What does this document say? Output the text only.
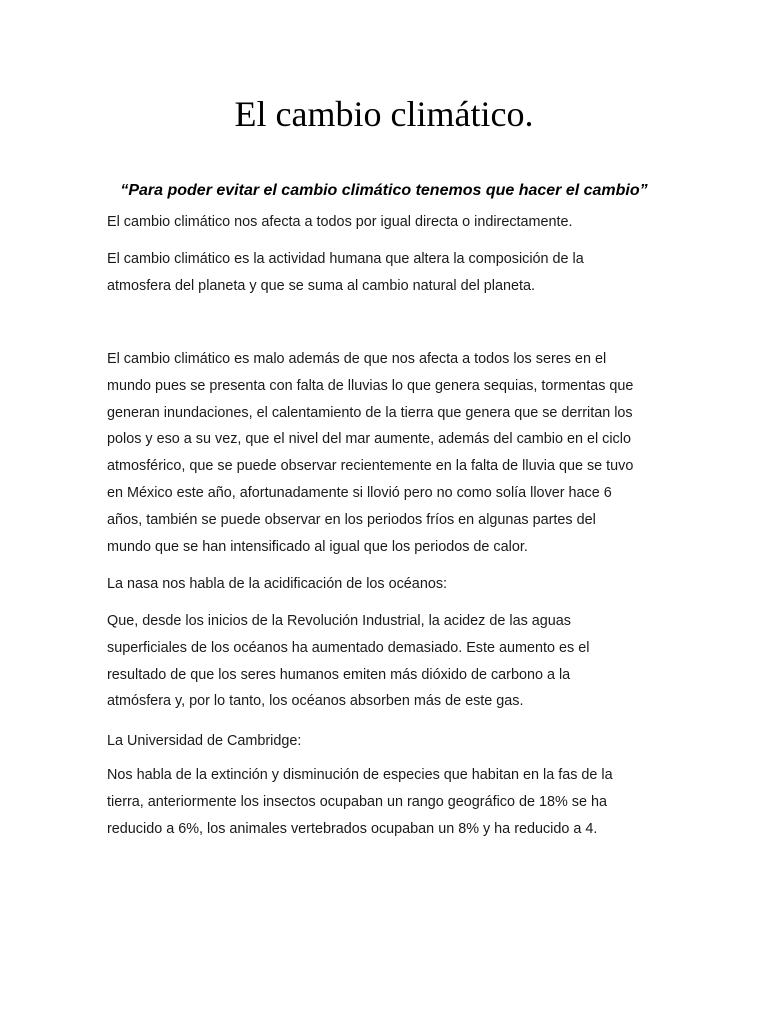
El cambio climático.

“Para poder evitar el cambio climático tenemos que hacer el cambio”

El cambio climático nos afecta a todos por igual directa o indirectamente.

El cambio climático es la actividad humana que altera la composición de la
atmosfera del planeta y que se suma al cambio natural del planeta.

El cambio climático es malo además de que nos afecta a todos los seres en el
mundo pues se presenta con falta de lluvias lo que genera sequias, tormentas que
generan inundaciones, el calentamiento de la tierra que genera que se derritan los
polos y eso a su vez, que el nivel del mar aumente, además del cambio en el ciclo
atmosférico, que se puede observar recientemente en la falta de lluvia que se tuvo
en México este año, afortunadamente si llovió pero no como solía llover hace 6
años, también se puede observar en los periodos fríos en algunas partes del
mundo que se han intensificado al igual que los periodos de calor.

La nasa nos habla de la acidificación de los océanos:

Que, desde los inicios de la Revolución Industrial, la acidez de las aguas
superficiales de los océanos ha aumentado demasiado. Este aumento es el
resultado de que los seres humanos emiten más dióxido de carbono a la
atmósfera y, por lo tanto, los océanos absorben más de este gas.

La Universidad de Cambridge:

Nos habla de la extinción y disminución de especies que habitan en la fas de la
tierra, anteriormente los insectos ocupaban un rango geográfico de 18% se ha
reducido a 6%, los animales vertebrados ocupaban un 8% y ha reducido a 4.
